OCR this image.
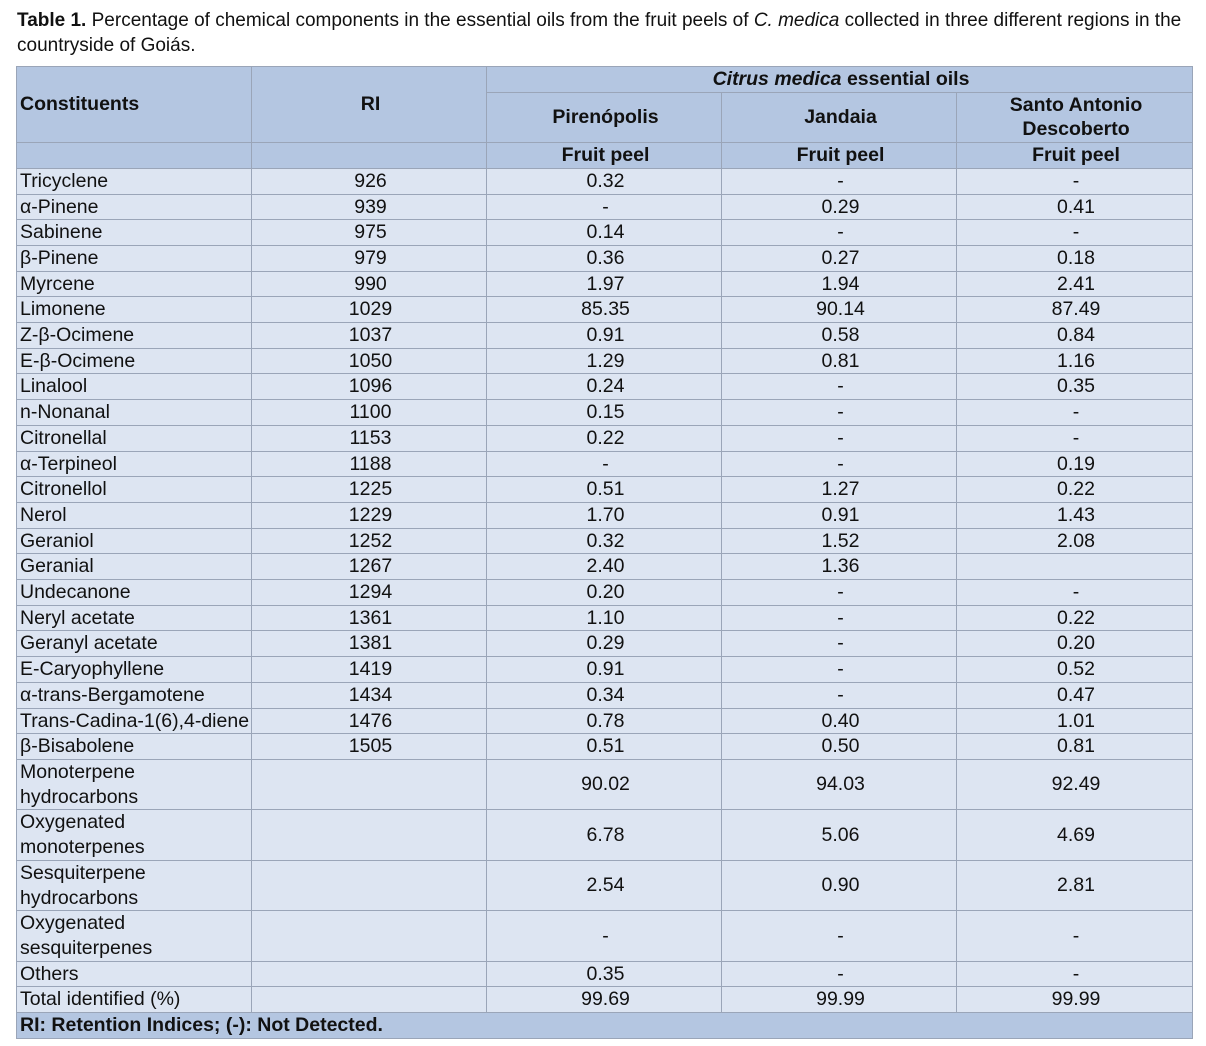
Table 1. Percentage of chemical components in the essential oils from the fruit peels of C. medica collected in three different regions in the countryside of Goiás.
Constituents	RI	Citrus medica essential oils		
		Pirenópolis	Jandaia	Santo Antonio Descoberto
		Fruit peel	Fruit peel	Fruit peel
Tricyclene	926	0.32	-	-
α-Pinene	939	-	0.29	0.41
Sabinene	975	0.14	-	-
β-Pinene	979	0.36	0.27	0.18
Myrcene	990	1.97	1.94	2.41
Limonene	1029	85.35	90.14	87.49
Z-β-Ocimene	1037	0.91	0.58	0.84
E-β-Ocimene	1050	1.29	0.81	1.16
Linalool	1096	0.24	-	0.35
n-Nonanal	1100	0.15	-	-
Citronellal	1153	0.22	-	-
α-Terpineol	1188	-	-	0.19
Citronellol	1225	0.51	1.27	0.22
Nerol	1229	1.70	0.91	1.43
Geraniol	1252	0.32	1.52	2.08
Geranial	1267	2.40	1.36	
Undecanone	1294	0.20	-	-
Neryl acetate	1361	1.10	-	0.22
Geranyl acetate	1381	0.29	-	0.20
E-Caryophyllene	1419	0.91	-	0.52
α-trans-Bergamotene	1434	0.34	-	0.47
Trans-Cadina-1(6),4-diene	1476	0.78	0.40	1.01
β-Bisabolene	1505	0.51	0.50	0.81
Monoterpene hydrocarbons		90.02	94.03	92.49
Oxygenated monoterpenes		6.78	5.06	4.69
Sesquiterpene hydrocarbons		2.54	0.90	2.81
Oxygenated sesquiterpenes		-	-	-
Others		0.35	-	-
Total identified (%)		99.69	99.99	99.99
RI: Retention Indices; (-): Not Detected.				
